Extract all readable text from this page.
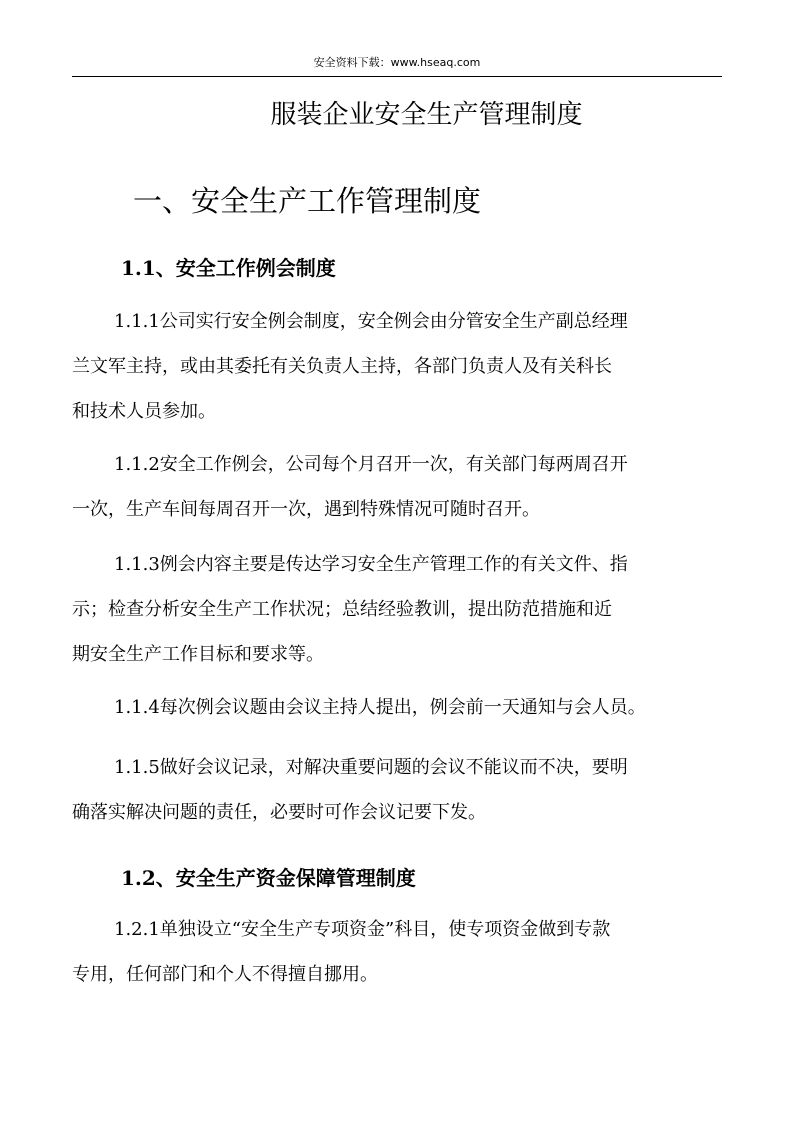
安全资料下载：www.hseaq.com
服装企业安全生产管理制度
一、安全生产工作管理制度
1.1、安全工作例会制度
1.1.1公司实行安全例会制度，安全例会由分管安全生产副总经理
兰文军主持，或由其委托有关负责人主持，各部门负责人及有关科长
和技术人员参加。
1.1.2安全工作例会，公司每个月召开一次，有关部门每两周召开
一次，生产车间每周召开一次，遇到特殊情况可随时召开。
1.1.3例会内容主要是传达学习安全生产管理工作的有关文件、指
示；检查分析安全生产工作状况；总结经验教训，提出防范措施和近
期安全生产工作目标和要求等。
1.1.4每次例会议题由会议主持人提出，例会前一天通知与会人员。
1.1.5做好会议记录，对解决重要问题的会议不能议而不决，要明
确落实解决问题的责任，必要时可作会议记要下发。
1.2、安全生产资金保障管理制度
1.2.1单独设立“安全生产专项资金”科目，使专项资金做到专款
专用，任何部门和个人不得擅自挪用。
